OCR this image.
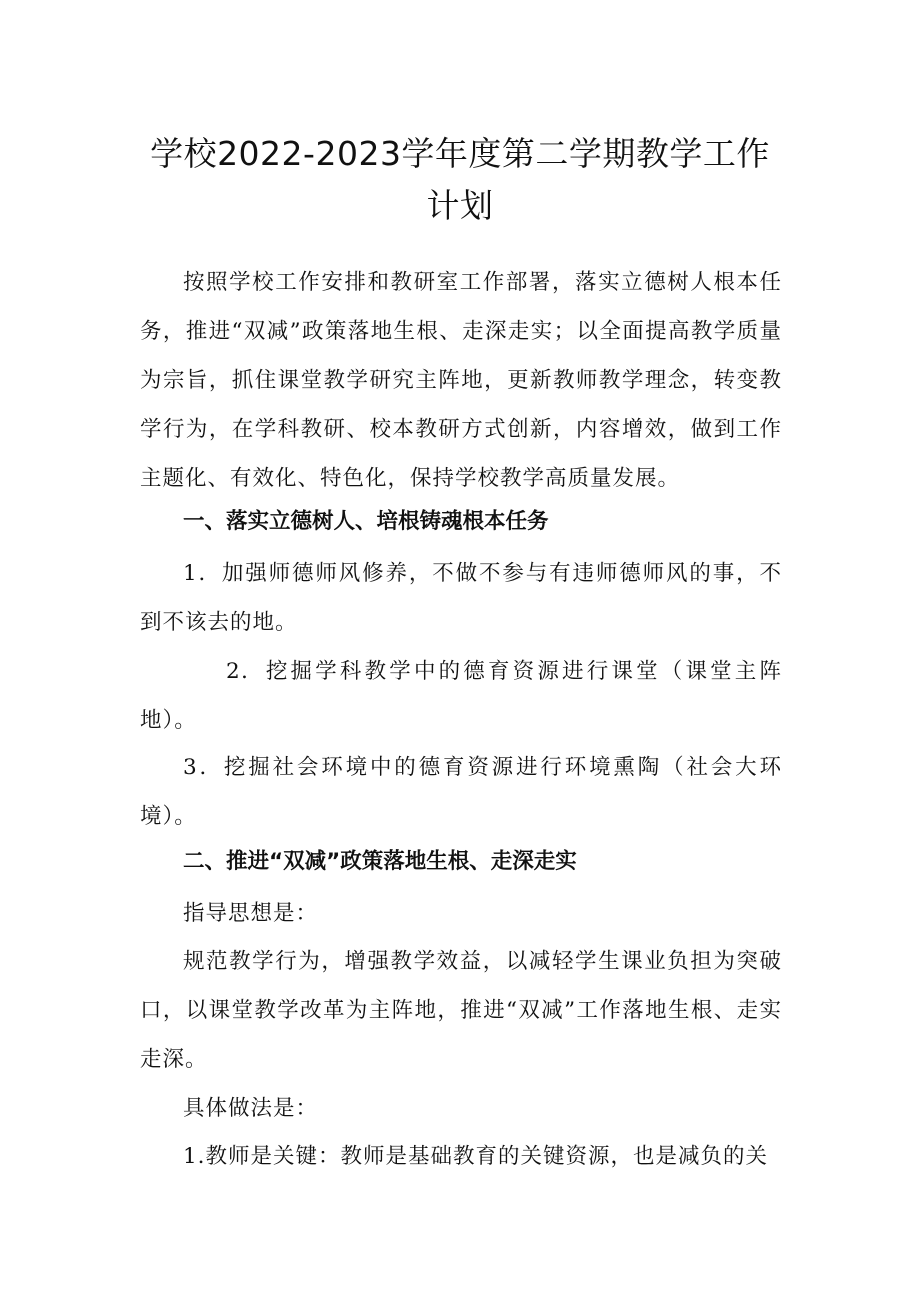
学校2022-2023学年度第二学期教学工作计划

按照学校工作安排和教研室工作部署，落实立德树人根本任务，推进“双减”政策落地生根、走深走实；以全面提高教学质量为宗旨，抓住课堂教学研究主阵地，更新教师教学理念，转变教学行为，在学科教研、校本教研方式创新，内容增效，做到工作主题化、有效化、特色化，保持学校教学高质量发展。

一、落实立德树人、培根铸魂根本任务

1．加强师德师风修养，不做不参与有违师德师风的事，不到不该去的地。

2．挖掘学科教学中的德育资源进行课堂（课堂主阵地）。

3．挖掘社会环境中的德育资源进行环境熏陶（社会大环境）。

二、推进“双减”政策落地生根、走深走实

指导思想是：

规范教学行为，增强教学效益，以减轻学生课业负担为突破口，以课堂教学改革为主阵地，推进“双减”工作落地生根、走实走深。

具体做法是：

1.教师是关键：教师是基础教育的关键资源，也是减负的关
